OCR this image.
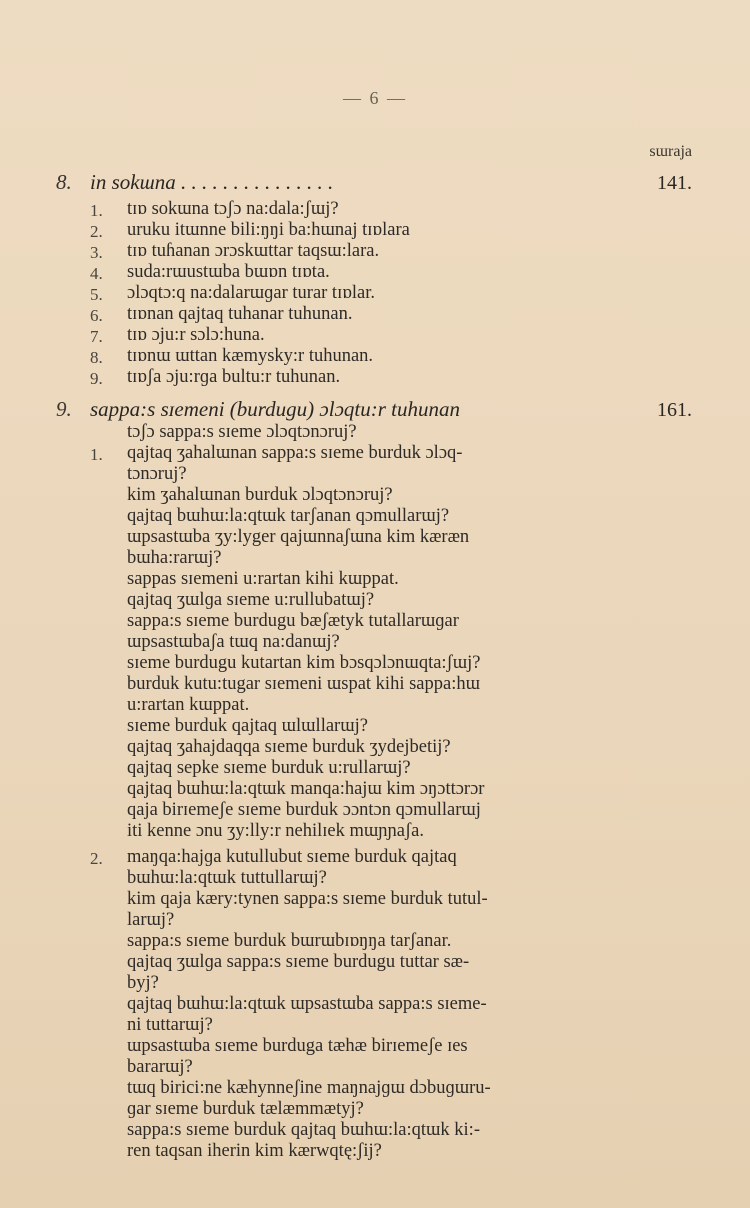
— 6 —
sɯraja
8. in sokɯna . . . . . . . . . . . . . . .	141.
1. tɪɒ sokɯna tɔʃɔ na:dala:ʃɯj?
2. uruku itɯnne bili:ŋŋi ba:hɯnaj tɪɒlara
3. tɪɒ tuɦanan ɔrɔskɯttar taqsɯ:lara.
4. suda:rɯustɯba bɯɒn tɪɒta.
5. ɔlɔqtɔ:q na:dalarɯɡar turar tɪɒlar.
6. tɪɒnan qajtaq tuhanar tuhunan.
7. tɪɒ ɔju:r sɔlɔ:huna.
8. tɪɒnɯ ɯttan kæmysky:r tuhunan.
9. tɪɒʃa ɔju:rɡa bultu:r tuhunan.
9. sappa:s sɪemeni (burdugu) ɔlɔqtu:r tuhunan	161.
tɔʃɔ sappa:s sɪeme ɔlɔqtɔnɔruj?
1. qajtaq ʒahalɯnan sappa:s sɪeme burduk ɔlɔq-
tɔnɔruj?
kim ʒahalɯnan burduk ɔlɔqtɔnɔruj?
qajtaq bɯhɯ:la:qtɯk tarʃanan qɔmullarɯj?
ɯpsastɯba ʒy:lyger qajɯnnaʃɯna kim kæræn
bɯha:rarɯj?
sappas sɪemeni u:rartan kihi kɯppat.
qajtaq ʒɯlɡa sɪeme u:rullubatɯj?
sappa:s sɪeme burdugu bæʃætyk tutallarɯɡar
ɯpsastɯbaʃa tɯq na:danɯj?
sɪeme burdugu kutartan kim bɔsqɔlɔnɯqta:ʃɯj?
burduk kutu:tugar sɪemeni ɯspat kihi sappa:hɯ
u:rartan kɯppat.
sɪeme burduk qajtaq ɯlɯllarɯj?
qajtaq ʒahajdaqqa sɪeme burduk ʒydejbetij?
qajtaq sepke sɪeme burduk u:rullarɯj?
qajtaq bɯhɯ:la:qtɯk manqa:hajɯ kim ɔŋɔttɔrɔr
qaja birɪemeʃe sɪeme burduk ɔɔntɔn qɔmullarɯj
iti kenne ɔnu ʒy:lly:r nehilɪek mɯɲɲaʃa.
2. maŋqa:hajɡa kutullubut sɪeme burduk qajtaq
bɯhɯ:la:qtɯk tuttullarɯj?
kim qaja kæry:tynen sappa:s sɪeme burduk tutul-
larɯj?
sappa:s sɪeme burduk bɯrɯbɪɒŋŋa tarʃanar.
qajtaq ʒɯlɡa sappa:s sɪeme burdugu tuttar sæ-
byj?
qajtaq bɯhɯ:la:qtɯk ɯpsastɯba sappa:s sɪeme-
ni tuttarɯj?
ɯpsastɯba sɪeme burduga tæhæ birɪemeʃe ɪes
bararɯj?
tɯq birici:ne kæhynneʃine maŋnajɡɯ dɔbuɡɯru-
ɡar sɪeme burduk tælæmmætyj?
sappa:s sɪeme burduk qajtaq bɯhɯ:la:qtɯk ki:-
ren taqsan iherin kim kærwqtę:ʃij?
